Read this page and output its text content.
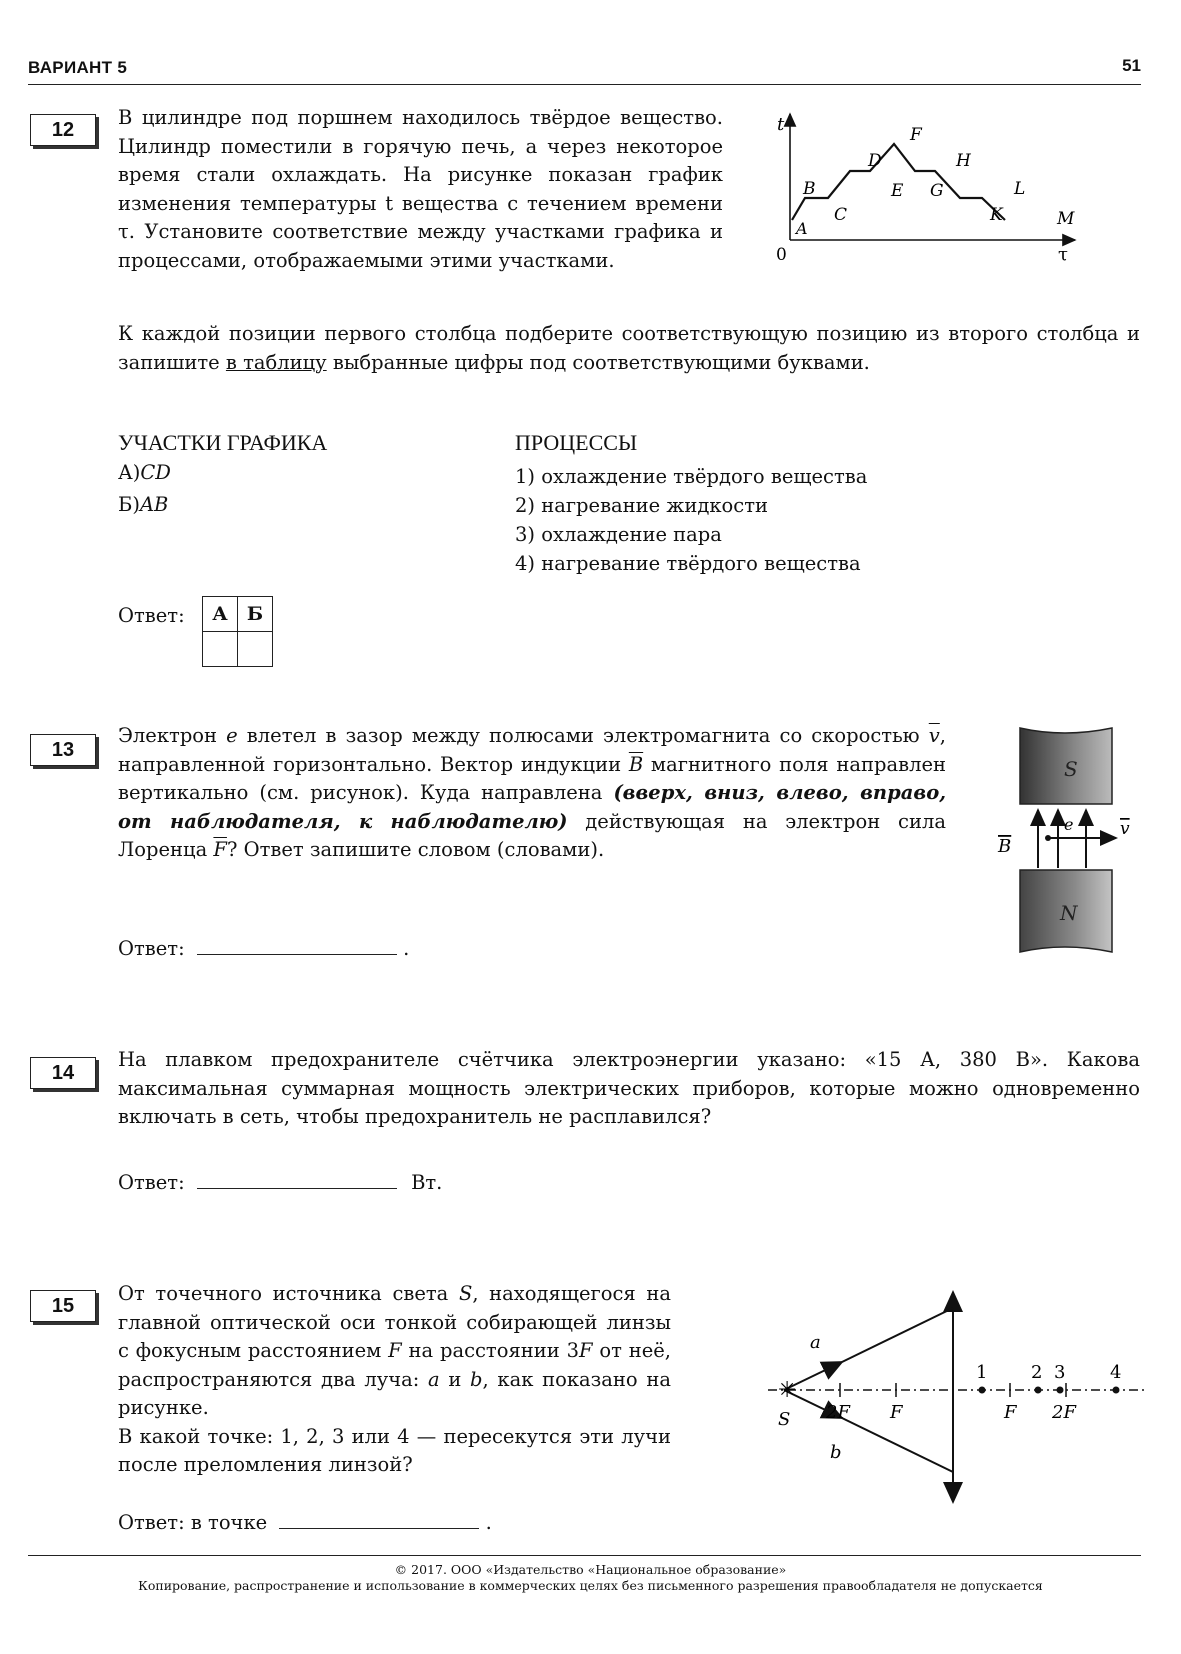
ВАРИАНТ 5	51
12
В цилиндре под поршнем находилось твёрдое вещество. Цилиндр поместили в горячую печь, а через некоторое время стали охлаждать. На рисунке показан график изменения температуры t вещества с течением времени τ. Установите соответствие между участками графика и процессами, отображаемыми этими участками.
t
0	τ
A
B
C
D
E
F
G
H
K
L
M
К каждой позиции первого столбца подберите соответствующую позицию из второго столбца и запишите в таблицу выбранные цифры под соответствующими буквами.
УЧАСТКИ ГРАФИКА
А)CD
Б)AB
ПРОЦЕССЫ
1) охлаждение твёрдого вещества
2) нагревание жидкости
3) охлаждение пара
4) нагревание твёрдого вещества
Ответ: А	Б

13
Электрон e влетел в зазор между полюсами электромагнита со скоростью $\overline{v}$, направленной горизонтально. Вектор индукции $\overline{B}$ магнитного поля направлен вертикально (см. рисунок). Куда направлена (вверх, вниз, влево, вправо, от наблюдателя, к наблюдателю) действующая на электрон сила Лоренца $\overline{F}$? Ответ запишите словом (словами).
Ответ:	.
S
N
B
e	v
14
На плавком предохранителе счётчика электроэнергии указано: «15 А, 380 В». Какова максимальная суммарная мощность электрических приборов, которые можно одновременно включать в сеть, чтобы предохранитель не расплавился?
Ответ:	Вт.
15

От точечного источника света S, находящегося на главной оптической оси тонкой собирающей линзы с фокусным расстоянием F на расстоянии 3F от неё, распространяются два луча: a и b, как показано на рисунке.

В какой точке: 1, 2, 3 или 4 — пересекутся эти лучи после преломления линзой?

Ответ: в точке	.
✳
1 2 3 4
2F F	F 2F
S
a
b
© 2017. ООО «Издательство «Национальное образование»
Копирование, распространение и использование в коммерческих целях без письменного разрешения правообладателя не допускается
